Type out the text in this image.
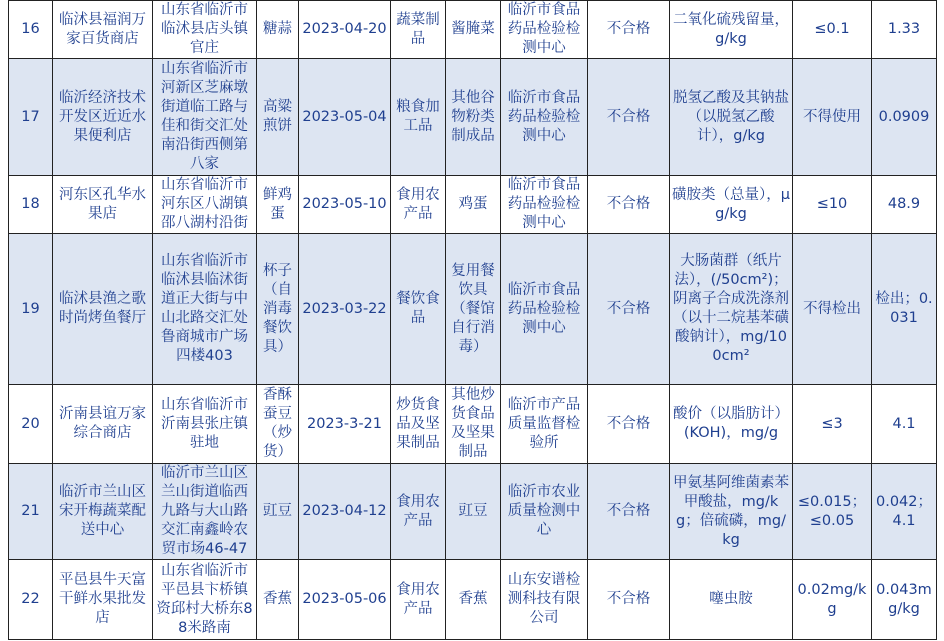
16	临沭县福润万家百货商店	山东省临沂市临沭县店头镇官庄	糖蒜	2023-04-20	蔬菜制品	酱腌菜	临沂市食品药品检验检测中心	不合格	二氧化硫残留量，g/kg	≤0.1	1.33
17	临沂经济技术开发区近近水果便利店	山东省临沂市河新区芝麻墩街道临工路与佳和街交汇处南沿街西侧第八家	高粱煎饼	2023-05-04	粮食加工品	其他谷物粉类制成品	临沂市食品药品检验检测中心	不合格	脱氢乙酸及其钠盐（以脱氢乙酸计），g/kg	不得使用	0.0909
18	河东区孔华水果店	山东省临沂市河东区八湖镇邵八湖村沿街	鲜鸡蛋	2023-05-10	食用农产品	鸡蛋	临沂市食品药品检验检测中心	不合格	磺胺类（总量），μg/kg	≤10	48.9
19	临沭县渔之歌时尚烤鱼餐厅	山东省临沂市临沭县临沭街道正大街与中山北路交汇处鲁商城市广场四楼403	杯子（自消毒餐饮具）	2023-03-22	餐饮食品	复用餐饮具（餐馆自行消毒）	临沂市食品药品检验检测中心	不合格	大肠菌群（纸片法），(/50cm²)；阴离子合成洗涤剂（以十二烷基苯磺酸钠计），mg/100cm²	不得检出	检出；0.031
20	沂南县谊万家综合商店	山东省临沂市沂南县张庄镇驻地	香酥蚕豆（炒货）	2023-3-21	炒货食品及坚果制品	其他炒货食品及坚果制品	临沂市产品质量监督检验所	不合格	酸价（以脂肪计）(KOH)，mg/g	≤3	4.1
21	临沂市兰山区宋开梅蔬菜配送中心	临沂市兰山区兰山街道临西九路与大山路交汇南鑫岭农贸市场46-47	豇豆	2023-04-12	食用农产品	豇豆	临沂市农业质量检测中心	不合格	甲氨基阿维菌素苯甲酸盐，mg/kg；倍硫磷，mg/kg	≤0.015；≤0.05	0.042；4.1
22	平邑县牛天富干鲜水果批发店	山东省临沂市平邑县卞桥镇资邱村大桥东88米路南	香蕉	2023-05-06	食用农产品	香蕉	山东安谱检测科技有限公司	不合格	噻虫胺	0.02mg/kg	0.043mg/kg
